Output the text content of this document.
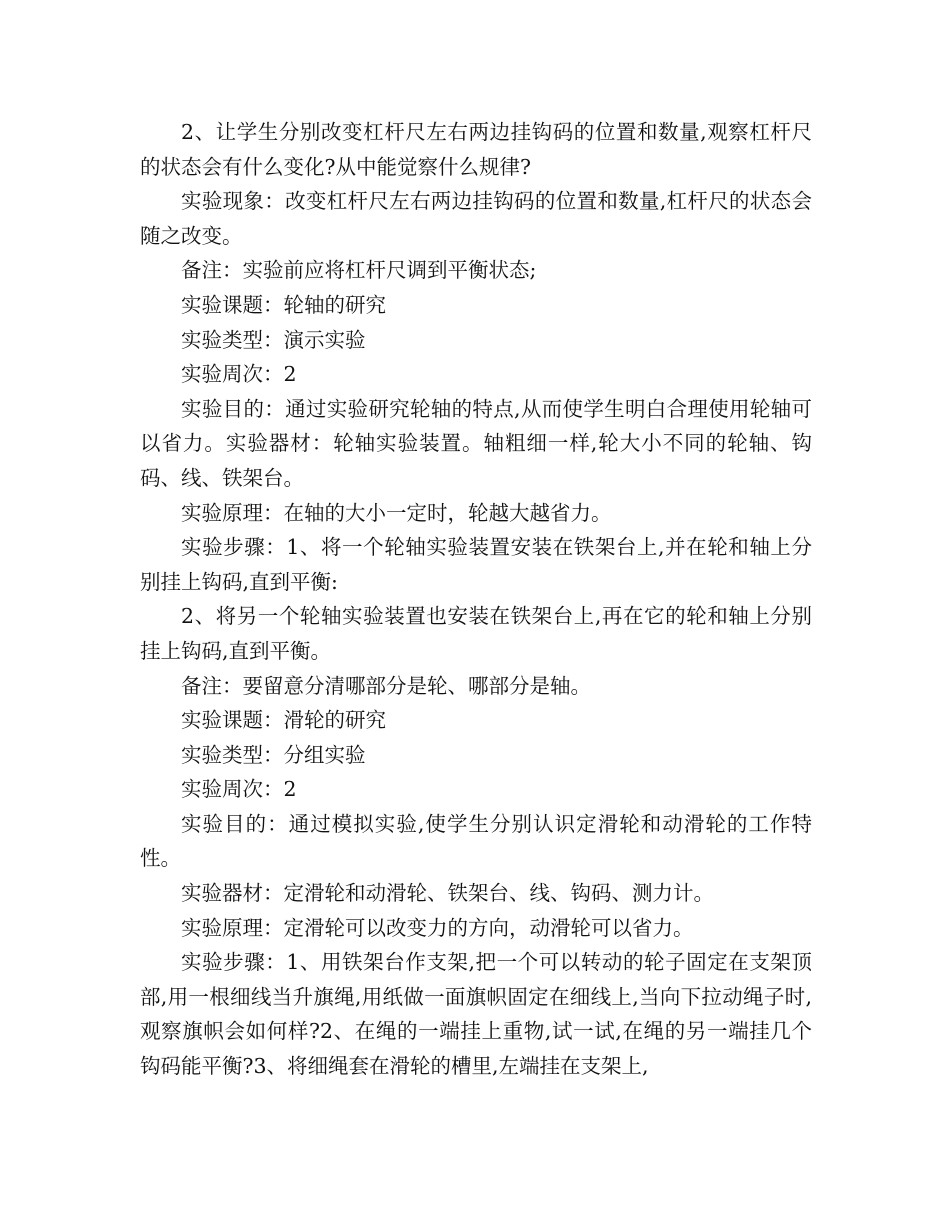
2、让学生分别改变杠杆尺左右两边挂钩码的位置和数量,观察杠杆尺的状态会有什么变化?从中能觉察什么规律?

实验现象：改变杠杆尺左右两边挂钩码的位置和数量,杠杆尺的状态会随之改变。

备注：实验前应将杠杆尺调到平衡状态;

实验课题：轮轴的研究

实验类型：演示实验

实验周次：2

实验目的：通过实验研究轮轴的特点,从而使学生明白合理使用轮轴可以省力。实验器材：轮轴实验装置。轴粗细一样,轮大小不同的轮轴、钩码、线、铁架台。

实验原理：在轴的大小一定时，轮越大越省力。

实验步骤：1、将一个轮轴实验装置安装在铁架台上,并在轮和轴上分别挂上钩码,直到平衡:

2、将另一个轮轴实验装置也安装在铁架台上,再在它的轮和轴上分别挂上钩码,直到平衡。

备注：要留意分清哪部分是轮、哪部分是轴。

实验课题：滑轮的研究

实验类型：分组实验

实验周次：2

实验目的：通过模拟实验,使学生分别认识定滑轮和动滑轮的工作特性。

实验器材：定滑轮和动滑轮、铁架台、线、钩码、测力计。

实验原理：定滑轮可以改变力的方向，动滑轮可以省力。

实验步骤：1、用铁架台作支架,把一个可以转动的轮子固定在支架顶部,用一根细线当升旗绳,用纸做一面旗帜固定在细线上,当向下拉动绳子时,观察旗帜会如何样?2、在绳的一端挂上重物,试一试,在绳的另一端挂几个钩码能平衡?3、将细绳套在滑轮的槽里,左端挂在支架上,
